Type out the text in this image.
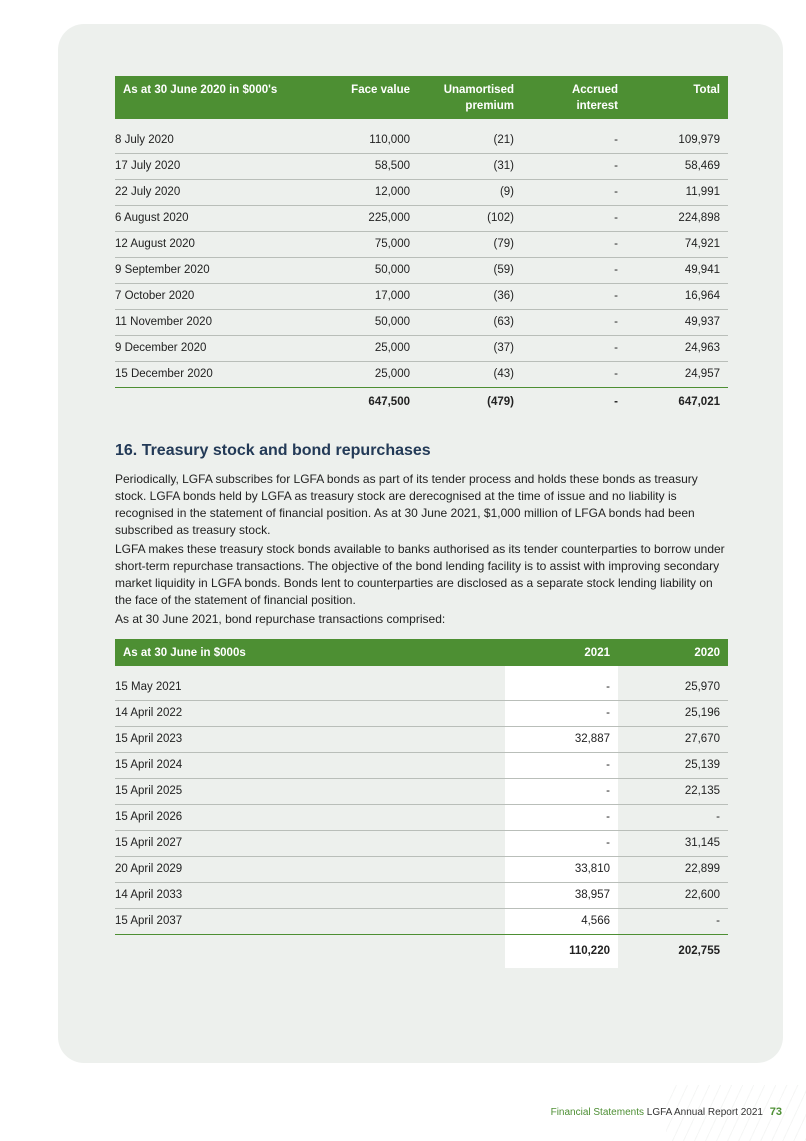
As at 30 June 2020 in $000's	Face value	Unamortised premium	Accrued interest	Total

8 July 2020	110,000	(21)	-	109,979
17 July 2020	58,500	(31)	-	58,469
22 July 2020	12,000	(9)	-	11,991
6 August 2020	225,000	(102)	-	224,898
12 August 2020	75,000	(79)	-	74,921
9 September 2020	50,000	(59)	-	49,941
7 October 2020	17,000	(36)	-	16,964
11 November 2020	50,000	(63)	-	49,937
9 December 2020	25,000	(37)	-	24,963
15 December 2020	25,000	(43)	-	24,957
	647,500	(479)	-	647,021
16. Treasury stock and bond repurchases

Periodically, LGFA subscribes for LGFA bonds as part of its tender process and holds these bonds as treasury stock. LGFA bonds held by LGFA as treasury stock are derecognised at the time of issue and no liability is recognised in the statement of financial position. As at 30 June 2021, $1,000 million of LFGA bonds had been subscribed as treasury stock.

LGFA makes these treasury stock bonds available to banks authorised as its tender counterparties to borrow under short-term repurchase transactions. The objective of the bond lending facility is to assist with improving secondary market liquidity in LGFA bonds. Bonds lent to counterparties are disclosed as a separate stock lending liability on the face of the statement of financial position.

As at 30 June 2021, bond repurchase transactions comprised:

As at 30 June in $000s	2021	2020

15 May 2021	-	25,970
14 April 2022	-	25,196
15 April 2023	32,887	27,670
15 April 2024	-	25,139
15 April 2025	-	22,135
15 April 2026	-	-
15 April 2027	-	31,145
20 April 2029	33,810	22,899
14 April 2033	38,957	22,600
15 April 2037	4,566	-
	110,220	202,755
Financial Statements LGFA Annual Report 2021 73
